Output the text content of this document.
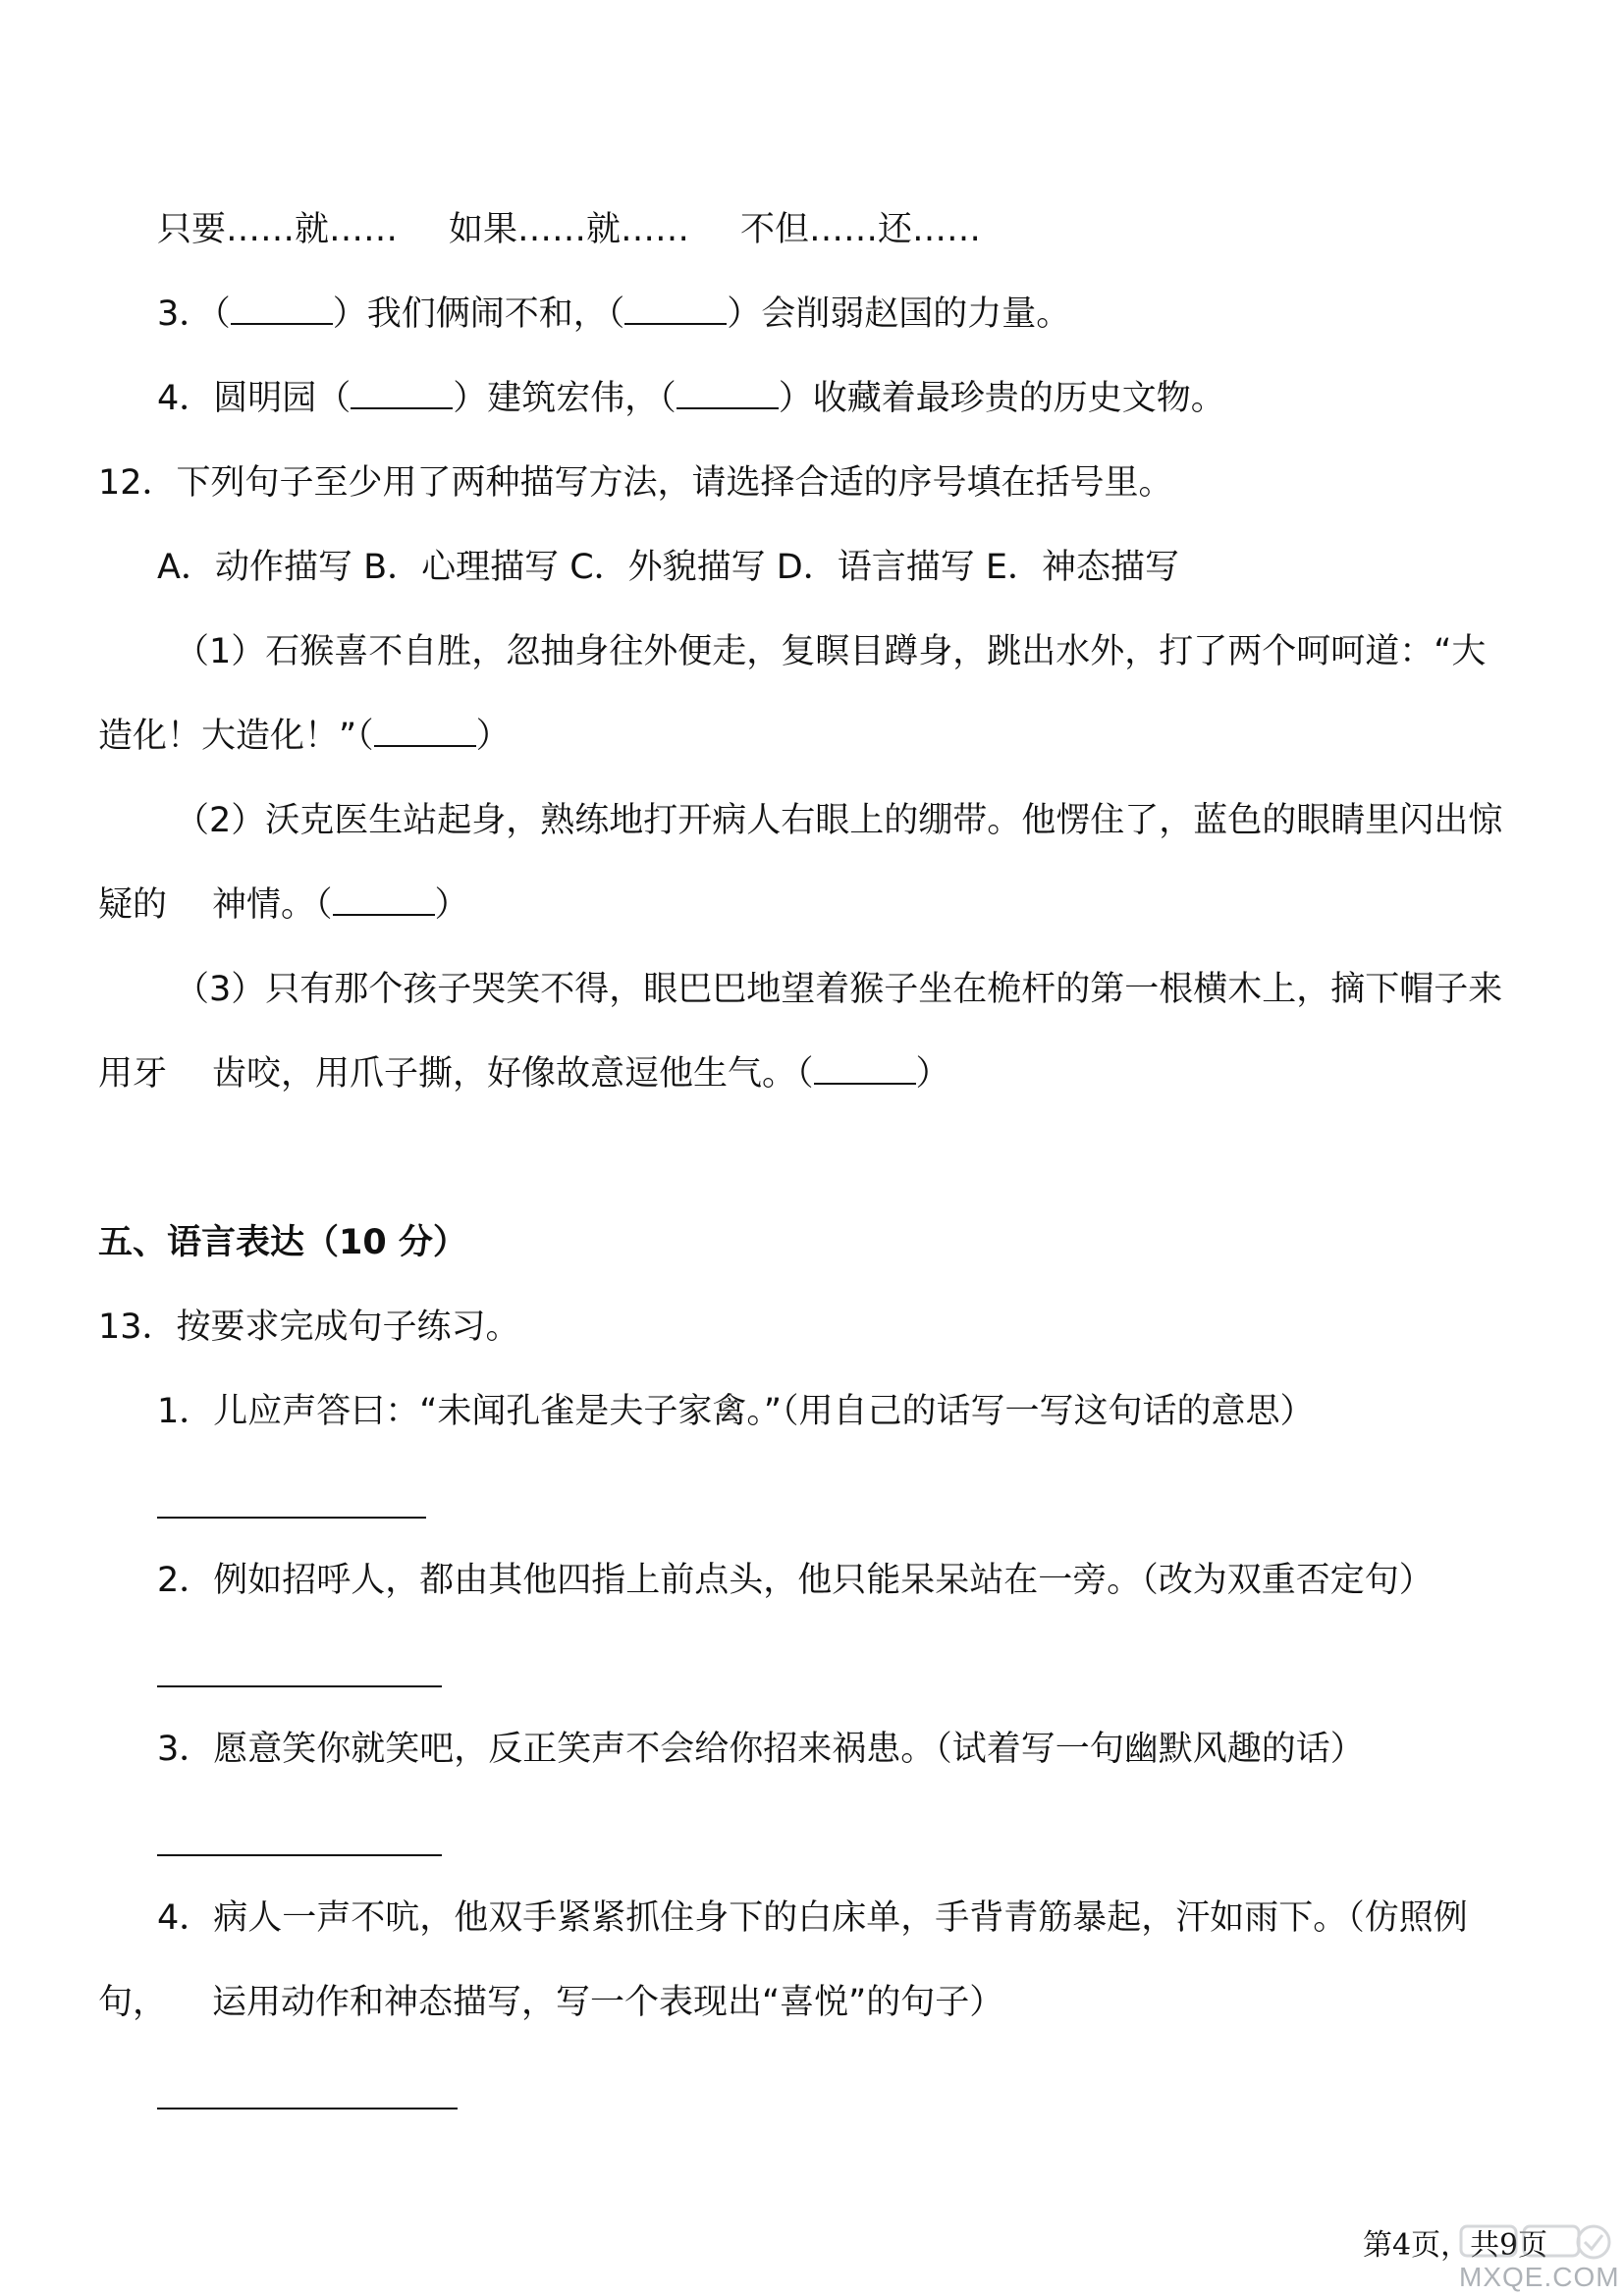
只要……就…… 如果……就…… 不但……还……
3．（	）我们俩闹不和，（	）会削弱赵国的力量。
4．圆明园（	）建筑宏伟，（	）收藏着最珍贵的历史文物。
12．下列句子至少用了两种描写方法，请选择合适的序号填在括号里。
A．动作描写 B．心理描写 C．外貌描写 D．语言描写 E．神态描写
（1）石猴喜不自胜，忽抽身往外便走，复瞑目蹲身，跳出水外，打了两个呵呵道：“大
造化！大造化！”（	）
（2）沃克医生站起身，熟练地打开病人右眼上的绷带。他愣住了，蓝色的眼睛里闪出惊
疑的 神情。（	）
（3）只有那个孩子哭笑不得，眼巴巴地望着猴子坐在桅杆的第一根横木上，摘下帽子来
用牙 齿咬，用爪子撕，好像故意逗他生气。（	）
五、语言表达（10 分）
13．按要求完成句子练习。
1．儿应声答曰：“未闻孔雀是夫子家禽。”（用自己的话写一写这句话的意思）
2．例如招呼人，都由其他四指上前点头，他只能呆呆站在一旁。（改为双重否定句）
3．愿意笑你就笑吧，反正笑声不会给你招来祸患。（试着写一句幽默风趣的话）
4．病人一声不吭，他双手紧紧抓住身下的白床单，手背青筋暴起，汗如雨下。（仿照例
句， 运用动作和神态描写，写一个表现出“喜悦”的句子）
第4页，共9页
MXQE.COM
